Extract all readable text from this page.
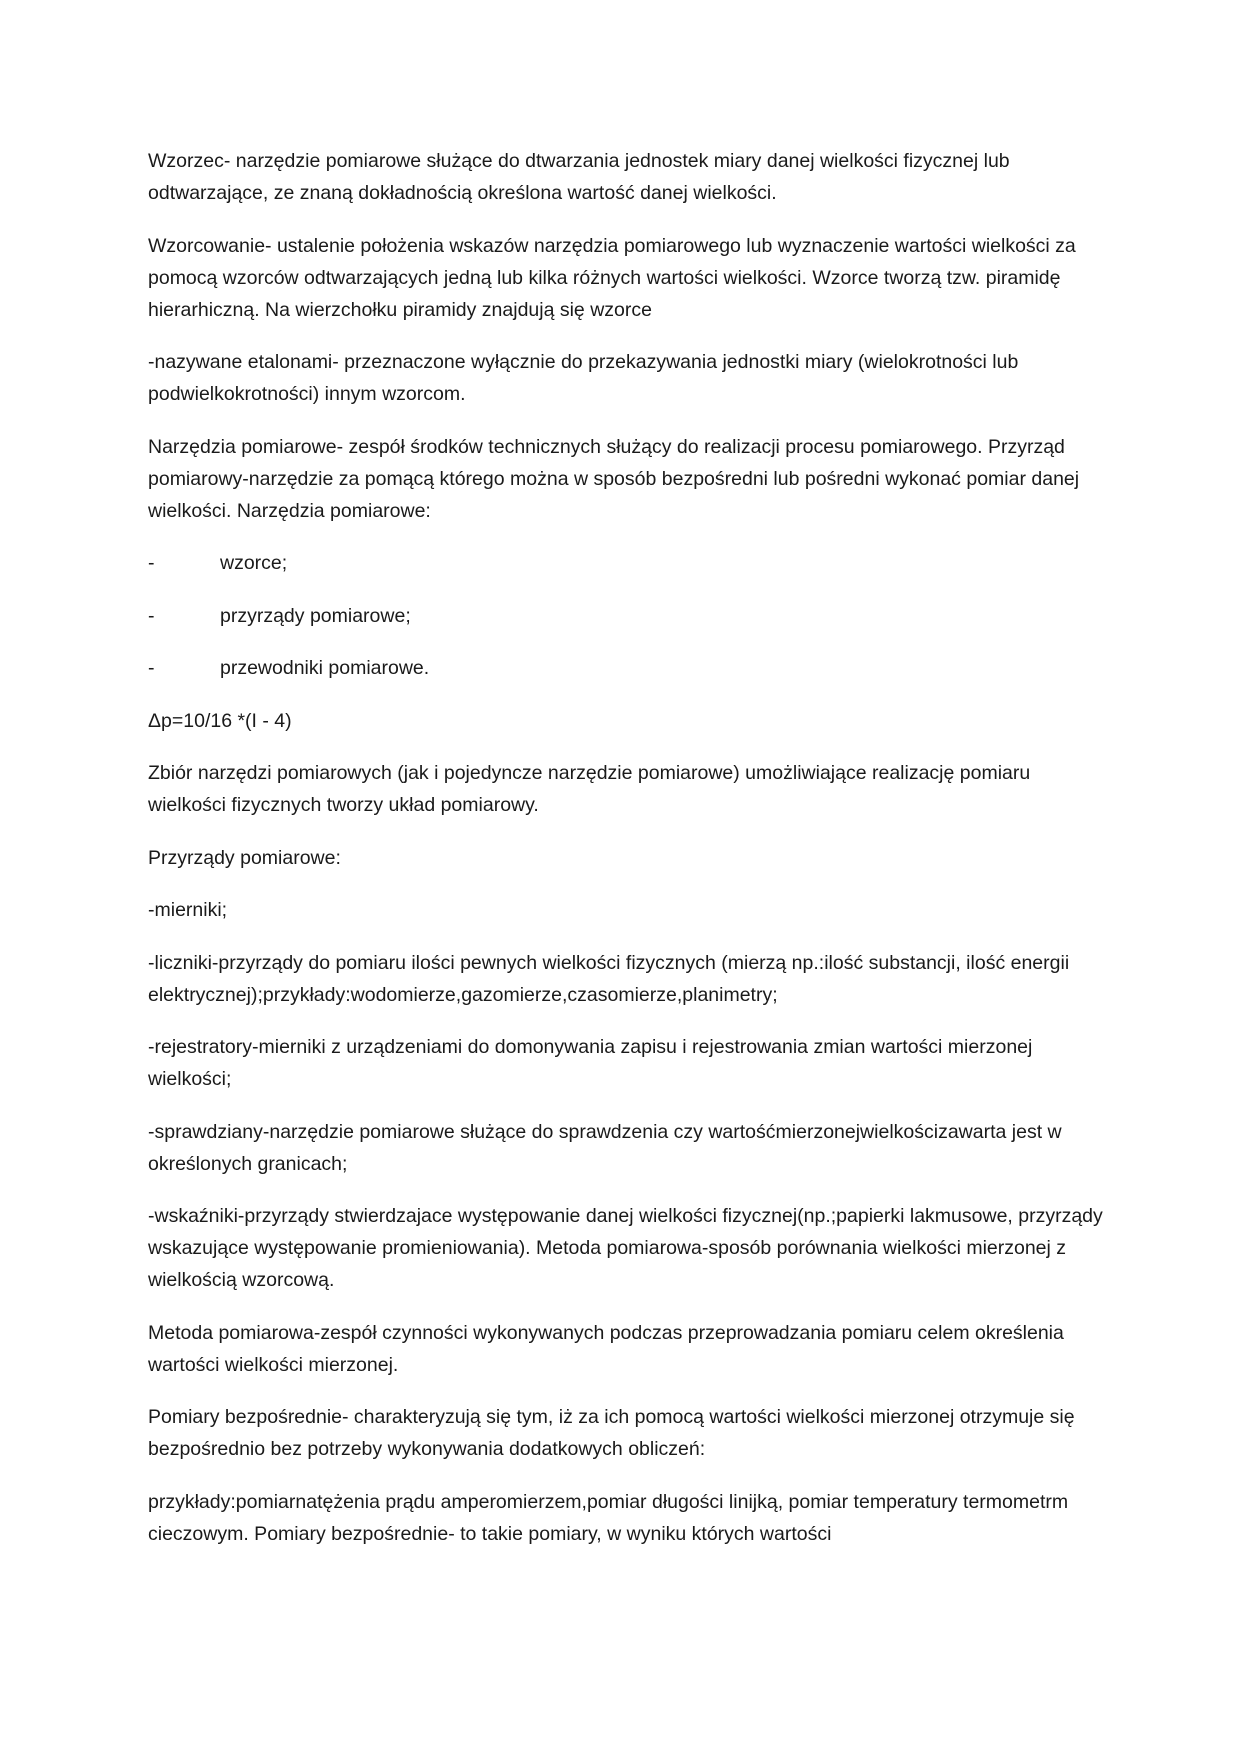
Wzorzec- narzędzie pomiarowe służące do dtwarzania jednostek miary danej wielkości fizycznej lub odtwarzające, ze znaną dokładnością określona wartość danej wielkości.

Wzorcowanie- ustalenie położenia wskazów narzędzia pomiarowego lub wyznaczenie wartości wielkości za pomocą wzorców odtwarzających jedną lub kilka różnych wartości wielkości. Wzorce tworzą tzw. piramidę hierarhiczną. Na wierzchołku piramidy znajdują się wzorce

-nazywane etalonami- przeznaczone wyłącznie do przekazywania jednostki miary (wielokrotności lub podwielkokrotności) innym wzorcom.

Narzędzia pomiarowe- zespół środków technicznych służący do realizacji procesu pomiarowego. Przyrząd pomiarowy-narzędzie za pomącą którego można w sposób bezpośredni lub pośredni wykonać pomiar danej wielkości. Narzędzia pomiarowe:

-	wzorce;
-	przyrządy pomiarowe;
-	przewodniki pomiarowe.

Δp=10/16 *(I - 4)

Zbiór narzędzi pomiarowych (jak i pojedyncze narzędzie pomiarowe) umożliwiające realizację pomiaru wielkości fizycznych tworzy układ pomiarowy.

Przyrządy pomiarowe:

-mierniki;

-liczniki-przyrządy do pomiaru ilości pewnych wielkości fizycznych (mierzą np.:ilość substancji, ilość energii elektrycznej);przykłady:wodomierze,gazomierze,czasomierze,planimetry;

-rejestratory-mierniki z urządzeniami do domonywania zapisu i rejestrowania zmian wartości mierzonej wielkości;

-sprawdziany-narzędzie pomiarowe służące do sprawdzenia czy wartośćmierzonejwielkościzawarta jest w określonych granicach;

-wskaźniki-przyrządy stwierdzajace występowanie danej wielkości fizycznej(np.;papierki lakmusowe, przyrządy wskazujące występowanie promieniowania). Metoda pomiarowa-sposób porównania wielkości mierzonej z wielkością wzorcową.

Metoda pomiarowa-zespół czynności wykonywanych podczas przeprowadzania pomiaru celem określenia wartości wielkości mierzonej.

Pomiary bezpośrednie- charakteryzują się tym, iż za ich pomocą wartości wielkości mierzonej otrzymuje się bezpośrednio bez potrzeby wykonywania dodatkowych obliczeń:

przykłady:pomiarnatężenia prądu amperomierzem,pomiar długości linijką, pomiar temperatury termometrm cieczowym. Pomiary bezpośrednie- to takie pomiary, w wyniku których wartości
